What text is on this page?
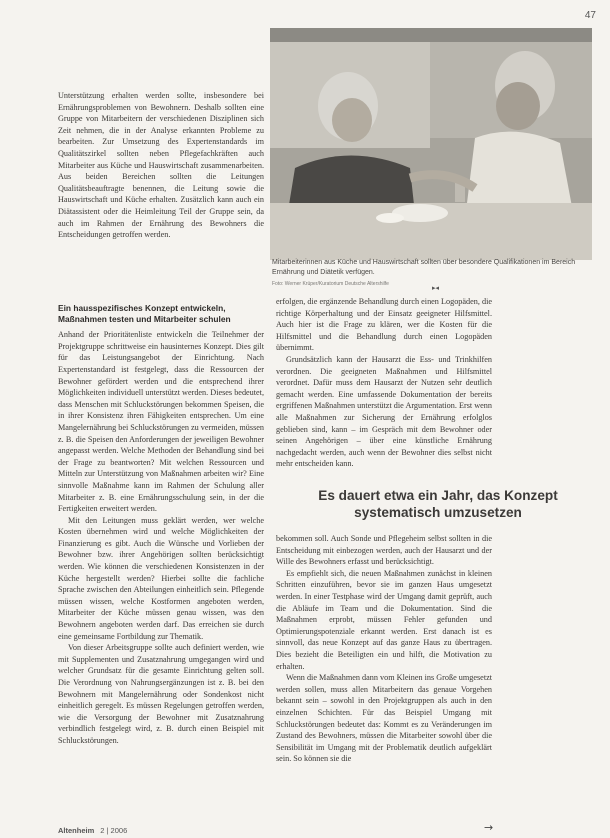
47
Mitarbeiterinnen aus Küche und Hauswirtschaft sollten über besondere Qualifikationen im Bereich Ernährung und Diätetik verfügen.
Foto: Werner Krüper/Kuratorium Deutsche Altershilfe
▸◂

Unterstützung erhalten werden sollte, insbesondere bei Ernährungsproblemen von Bewohnern. Deshalb sollten eine Gruppe von Mitarbeitern der verschiedenen Disziplinen sich Zeit nehmen, die in der Analyse erkannten Probleme zu bearbeiten. Zur Umsetzung des Expertenstandards im Qualitätszirkel sollten neben Pflegefachkräften auch Mitarbeiter aus Küche und Hauswirtschaft zusammenarbeiten. Aus beiden Bereichen sollten die Leitungen Qualitätsbeauftragte benennen, die Leitung sowie die Hauswirtschaft und Küche erhalten. Zusätzlich kann auch ein Diätassistent oder die Heimleitung Teil der Gruppe sein, da auch im Rahmen der Ernährung des Bewohners die Entscheidungen getroffen werden.

Ein hausspezifisches Konzept entwickeln, Maßnahmen testen und Mitarbeiter schulen

Anhand der Prioritätenliste entwickeln die Teilnehmer der Projektgruppe schrittweise ein hausinternes Konzept. Dies gilt für das Leistungsangebot der Einrichtung. Nach Expertenstandard ist festgelegt, dass die Ressourcen der Bewohner gefördert werden und die entsprechend ihrer Möglichkeiten individuell unterstützt werden. Dieses bedeutet, dass Menschen mit Schluckstörungen bekommen Speisen, die in ihrer Konsistenz ihren Fähigkeiten entsprechen. Um eine Mangelernährung bei Schluckstörungen zu vermeiden, müssen z. B. die Speisen den Anforderungen der jeweiligen Bewohner angepasst werden. Welche Methoden der Behandlung sind bei der Frage zu beantworten? Mit welchen Ressourcen und Mitteln zur Unterstützung von Maßnahmen arbeiten wir? Eine sinnvolle Maßnahme kann im Rahmen der Schulung aller Mitarbeiter z. B. eine Ernährungsschulung sein, in der die Fertigkeiten erweitert werden.

Mit den Leitungen muss geklärt werden, wer welche Kosten übernehmen wird und welche Möglichkeiten der Finanzierung es gibt. Auch die Wünsche und Vorlieben der Bewohner bzw. ihrer Angehörigen sollten berücksichtigt werden. Wie können die verschiedenen Konsistenzen in der Küche hergestellt werden? Hierbei sollte die fachliche Sprache zwischen den Abteilungen einheitlich sein. Pflegende müssen wissen, welche Kostformen angeboten werden, Mitarbeiter der Küche müssen genau wissen, was den Bewohnern angeboten werden darf. Das erreichen sie durch eine gemeinsame Fortbildung zur Thematik.

Von dieser Arbeitsgruppe sollte auch definiert werden, wie mit Supplementen und Zusatznahrung umgegangen wird und welcher Grundsatz für die gesamte Einrichtung gelten soll. Die Verordnung von Nahrungsergänzungen ist z. B. bei den Bewohnern mit Mangelernährung oder Sondenkost nicht einheitlich geregelt. Es müssen Regelungen getroffen werden, wie die Versorgung der Bewohner mit Zusatznahrung verbindlich festgelegt wird, z. B. durch einen Beispiel mit Schluckstörungen.

erfolgen, die ergänzende Behandlung durch einen Logopäden, die richtige Körperhaltung und der Einsatz geeigneter Hilfsmittel. Auch hier ist die Frage zu klären, wer die Kosten für die Hilfsmittel und die Behandlung durch einen Logopäden übernimmt.

Grundsätzlich kann der Hausarzt die Ess- und Trinkhilfen verordnen. Die geeigneten Maßnahmen und Hilfsmittel verordnet. Dafür muss dem Hausarzt der Nutzen sehr deutlich gemacht werden. Eine umfassende Dokumentation der bereits ergriffenen Maßnahmen unterstützt die Argumentation. Erst wenn alle Maßnahmen zur Sicherung der Ernährung erfolglos geblieben sind, kann – im Gespräch mit dem Bewohner oder seinen Angehörigen – über eine künstliche Ernährung nachgedacht werden, auch wenn der Bewohner dies selbst nicht mehr entscheiden kann.

Es dauert etwa ein Jahr, das Konzept systematisch umzusetzen

bekommen soll. Auch Sonde und Pflegeheim selbst sollten in die Entscheidung mit einbezogen werden, auch der Hausarzt und der Wille des Bewohners erfasst und berücksichtigt.

Es empfiehlt sich, die neuen Maßnahmen zunächst in kleinen Schritten einzuführen, bevor sie im ganzen Haus umgesetzt werden. In einer Testphase wird der Umgang damit geprüft, auch die Abläufe im Team und die Dokumentation. Sind die Maßnahmen erprobt, müssen Fehler gefunden und Optimierungspotenziale erkannt werden. Erst danach ist es sinnvoll, das neue Konzept auf das ganze Haus zu übertragen. Dies bezieht die Beteiligten ein und hilft, die Motivation zu erhalten.

Wenn die Maßnahmen dann vom Kleinen ins Große umgesetzt werden sollen, muss allen Mitarbeitern das genaue Vorgehen bekannt sein – sowohl in den Projektgruppen als auch in den einzelnen Schichten. Für das Beispiel Umgang mit Schluckstörungen bedeutet das: Kommt es zu Veränderungen im Zustand des Bewohners, müssen die Mitarbeiter sowohl über die Sensibilität im Umgang mit der Problematik deutlich aufgeklärt sein. So können sie die

→
Altenheim 2 | 2006
